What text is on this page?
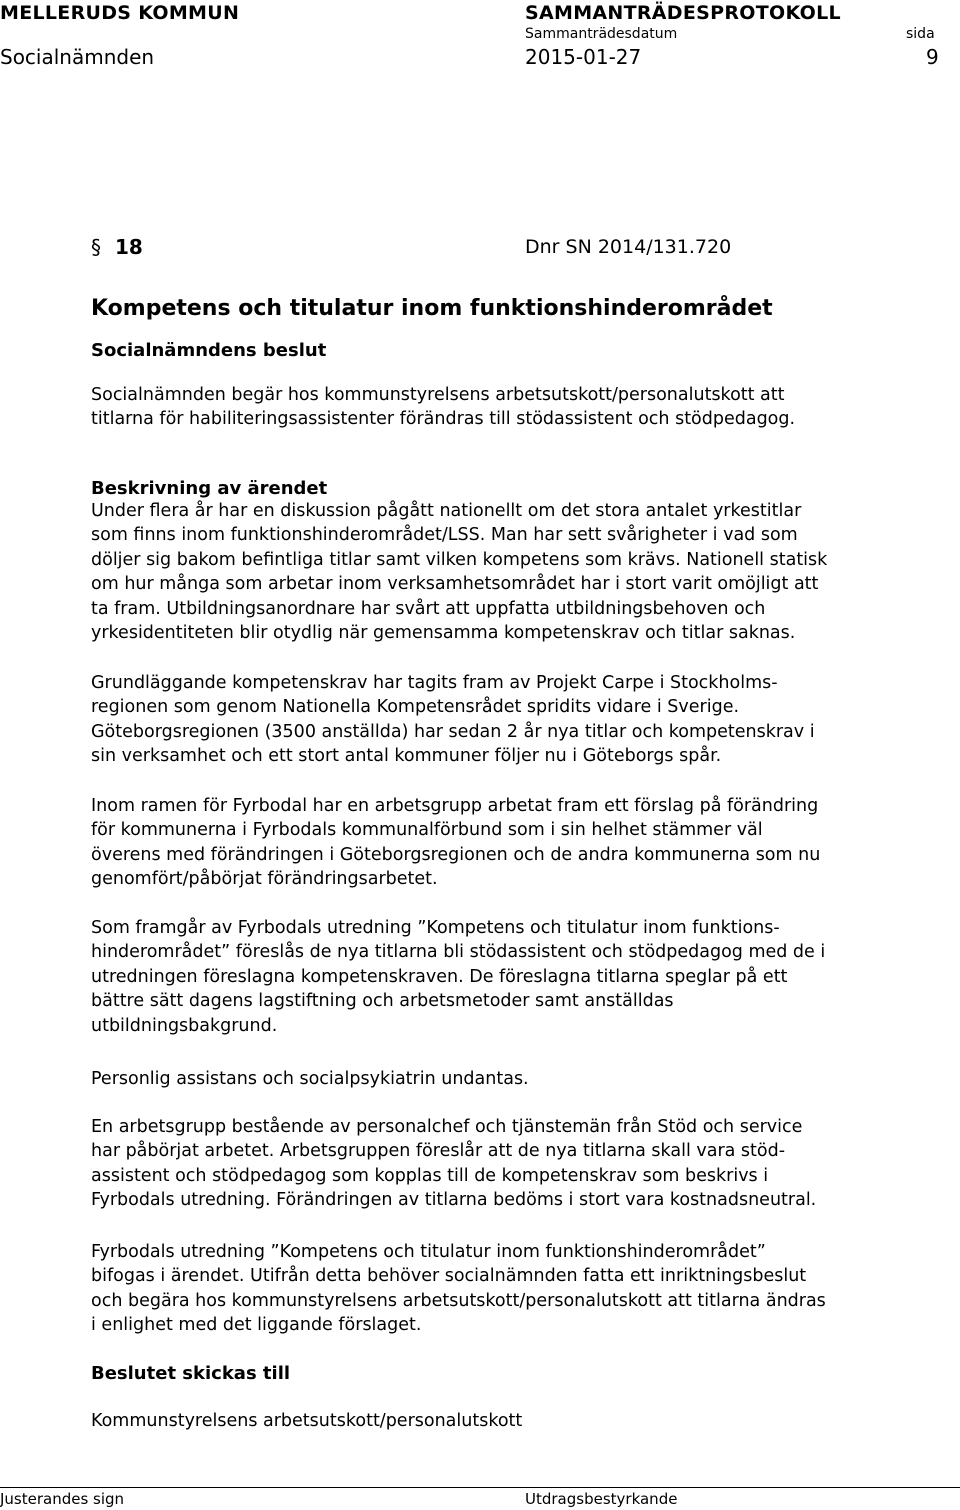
MELLERUDS KOMMUN	SAMMANTRÄDESPROTOKOLL
Sammanträdesdatum	sida
Socialnämnden	2015-01-27	9
§ 18	Dnr SN 2014/131.720
Kompetens och titulatur inom funktionshinderområdet
Socialnämndens beslut
Socialnämnden begär hos kommunstyrelsens arbetsutskott/personalutskott att
titlarna för habiliteringsassistenter förändras till stödassistent och stödpedagog.
Beskrivning av ärendet
Under flera år har en diskussion pågått nationellt om det stora antalet yrkestitlar
som finns inom funktionshinderområdet/LSS. Man har sett svårigheter i vad som
döljer sig bakom befintliga titlar samt vilken kompetens som krävs. Nationell statisk
om hur många som arbetar inom verksamhetsområdet har i stort varit omöjligt att
ta fram. Utbildningsanordnare har svårt att uppfatta utbildningsbehoven och
yrkesidentiteten blir otydlig när gemensamma kompetenskrav och titlar saknas.
Grundläggande kompetenskrav har tagits fram av Projekt Carpe i Stockholms-
regionen som genom Nationella Kompetensrådet spridits vidare i Sverige.
Göteborgsregionen (3500 anställda) har sedan 2 år nya titlar och kompetenskrav i
sin verksamhet och ett stort antal kommuner följer nu i Göteborgs spår.
Inom ramen för Fyrbodal har en arbetsgrupp arbetat fram ett förslag på förändring
för kommunerna i Fyrbodals kommunalförbund som i sin helhet stämmer väl
överens med förändringen i Göteborgsregionen och de andra kommunerna som nu
genomfört/påbörjat förändringsarbetet.
Som framgår av Fyrbodals utredning ”Kompetens och titulatur inom funktions-
hinderområdet” föreslås de nya titlarna bli stödassistent och stödpedagog med de i
utredningen föreslagna kompetenskraven. De föreslagna titlarna speglar på ett
bättre sätt dagens lagstiftning och arbetsmetoder samt anställdas
utbildningsbakgrund.
Personlig assistans och socialpsykiatrin undantas.
En arbetsgrupp bestående av personalchef och tjänstemän från Stöd och service
har påbörjat arbetet. Arbetsgruppen föreslår att de nya titlarna skall vara stöd-
assistent och stödpedagog som kopplas till de kompetenskrav som beskrivs i
Fyrbodals utredning. Förändringen av titlarna bedöms i stort vara kostnadsneutral.
Fyrbodals utredning ”Kompetens och titulatur inom funktionshinderområdet”
bifogas i ärendet. Utifrån detta behöver socialnämnden fatta ett inriktningsbeslut
och begära hos kommunstyrelsens arbetsutskott/personalutskott att titlarna ändras
i enlighet med det liggande förslaget.
Beslutet skickas till
Kommunstyrelsens arbetsutskott/personalutskott
Justerandes sign	Utdragsbestyrkande
